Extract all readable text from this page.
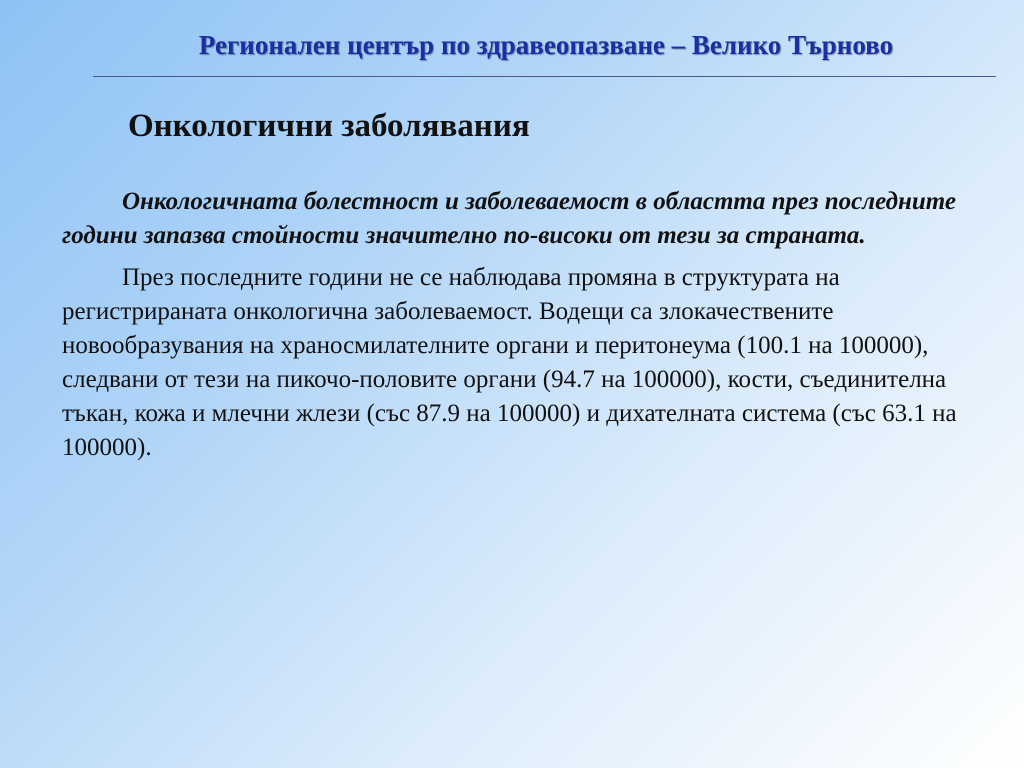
Регионален център по здравеопазване – Велико Търново
Онкологични заболявания

Онкологичната болестност и заболеваемост в областта през последните години запазва стойности значително по-високи от тези за страната.

През последните години не се наблюдава промяна в структурата на регистрираната онкологична заболеваемост. Водещи са злокачествените новообразувания на храносмилателните органи и перитонеума (100.1 на 100000), следвани от тези на пикочо-половите органи (94.7 на 100000), кости, съединителна тъкан, кожа и млечни жлези (със 87.9 на 100000) и дихателната система (със 63.1 на 100000).
